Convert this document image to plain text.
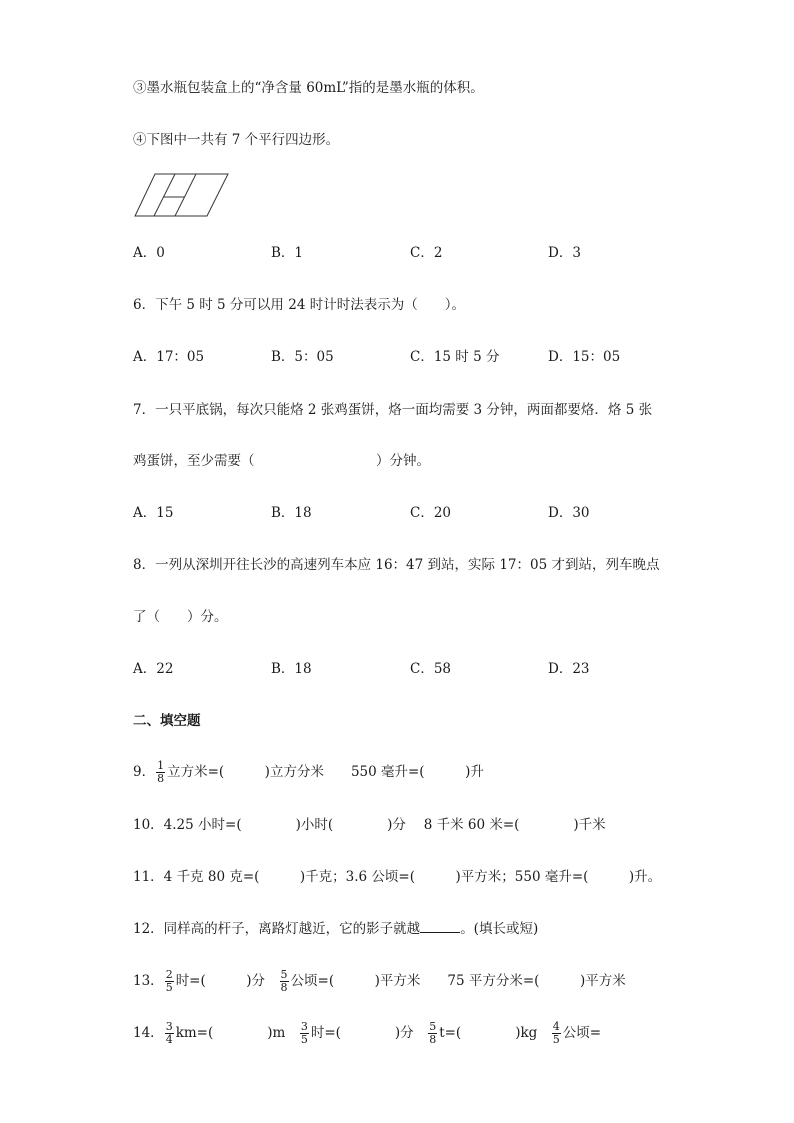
③墨水瓶包装盒上的“净含量 60mL”指的是墨水瓶的体积。
④下图中一共有 7 个平行四边形。
A．0	B．1	C．2	D．3
6．下午 5 时 5 分可以用 24 时计时法表示为（　　）。
A．17：05	B．5：05	C．15 时 5 分	D．15：05
7．一只平底锅，每次只能烙 2 张鸡蛋饼，烙一面均需要 3 分钟，两面都要烙．烙 5 张
鸡蛋饼，至少需要（　　　　　　　　　）分钟。
A．15	B．18	C．20	D．30
8．一列从深圳开往长沙的高速列车本应 16：47 到站，实际 17：05 才到站，列车晚点
了（　　）分。
A．22	B．18	C．58	D．23
二、填空题
9． $\frac{1}{8}$ 立方米=(　　　)立方分米　　550 毫升=(　　　)升
10．4.25 小时=(　　　　)小时(　　　　)分　 8 千米 60 米=(　　　　)千米
11．4 千克 80 克=(　　　)千克；3.6 公顷=(　　　)平方米；550 毫升=(　　　)升。
12．同样高的杆子，离路灯越近，它的影子就越	。(填长或短)
13． $\frac{2}{5}$ 时=(　　　)分　 $\frac{5}{8}$ 公顷=(　　　)平方米　　75 平方分米=(　　　)平方米
14． $\frac{3}{4} km=$(　　　　)m　 $\frac{3}{5}$ 时=(　　　　)分　 $\frac{5}{8} t=$(　　　　)kg　 $\frac{4}{5}$ 公顷=
